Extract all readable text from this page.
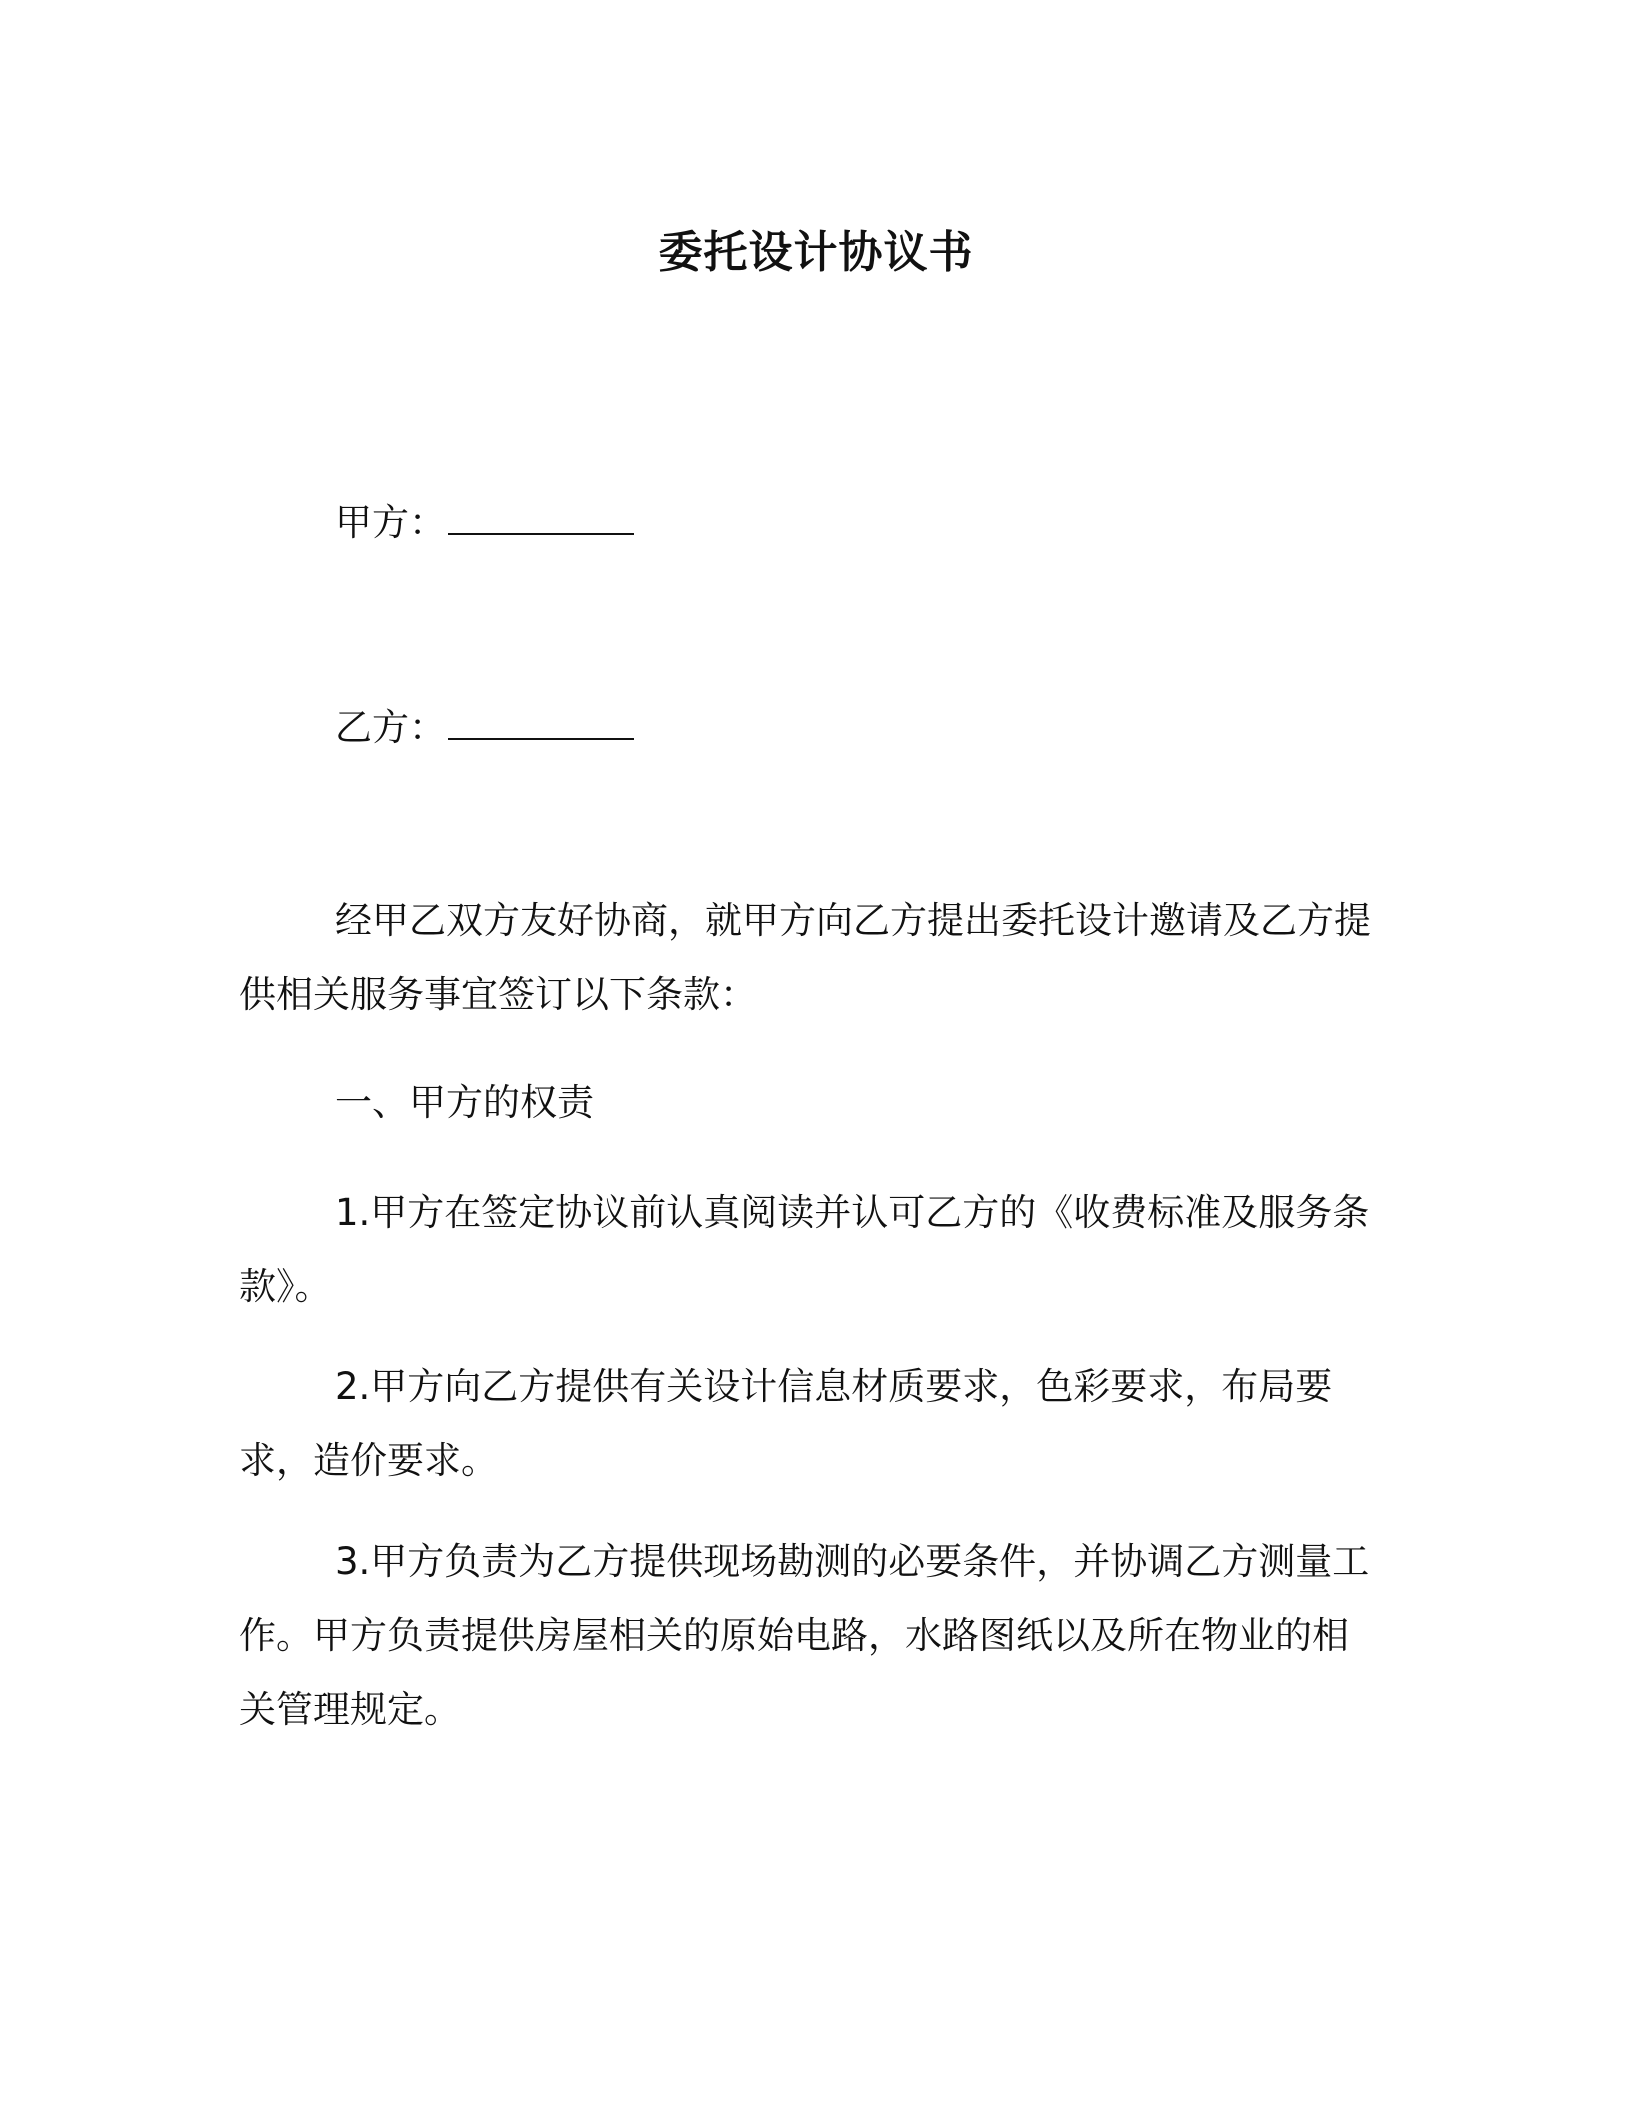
委托设计协议书
甲方：
乙方：
经甲乙双方友好协商，就甲方向乙方提出委托设计邀请及乙方提供相关服务事宜签订以下条款：
一、甲方的权责
1.甲方在签定协议前认真阅读并认可乙方的《收费标准及服务条款》。
2.甲方向乙方提供有关设计信息材质要求，色彩要求，布局要求，造价要求。
3.甲方负责为乙方提供现场勘测的必要条件，并协调乙方测量工作。甲方负责提供房屋相关的原始电路，水路图纸以及所在物业的相关管理规定。
